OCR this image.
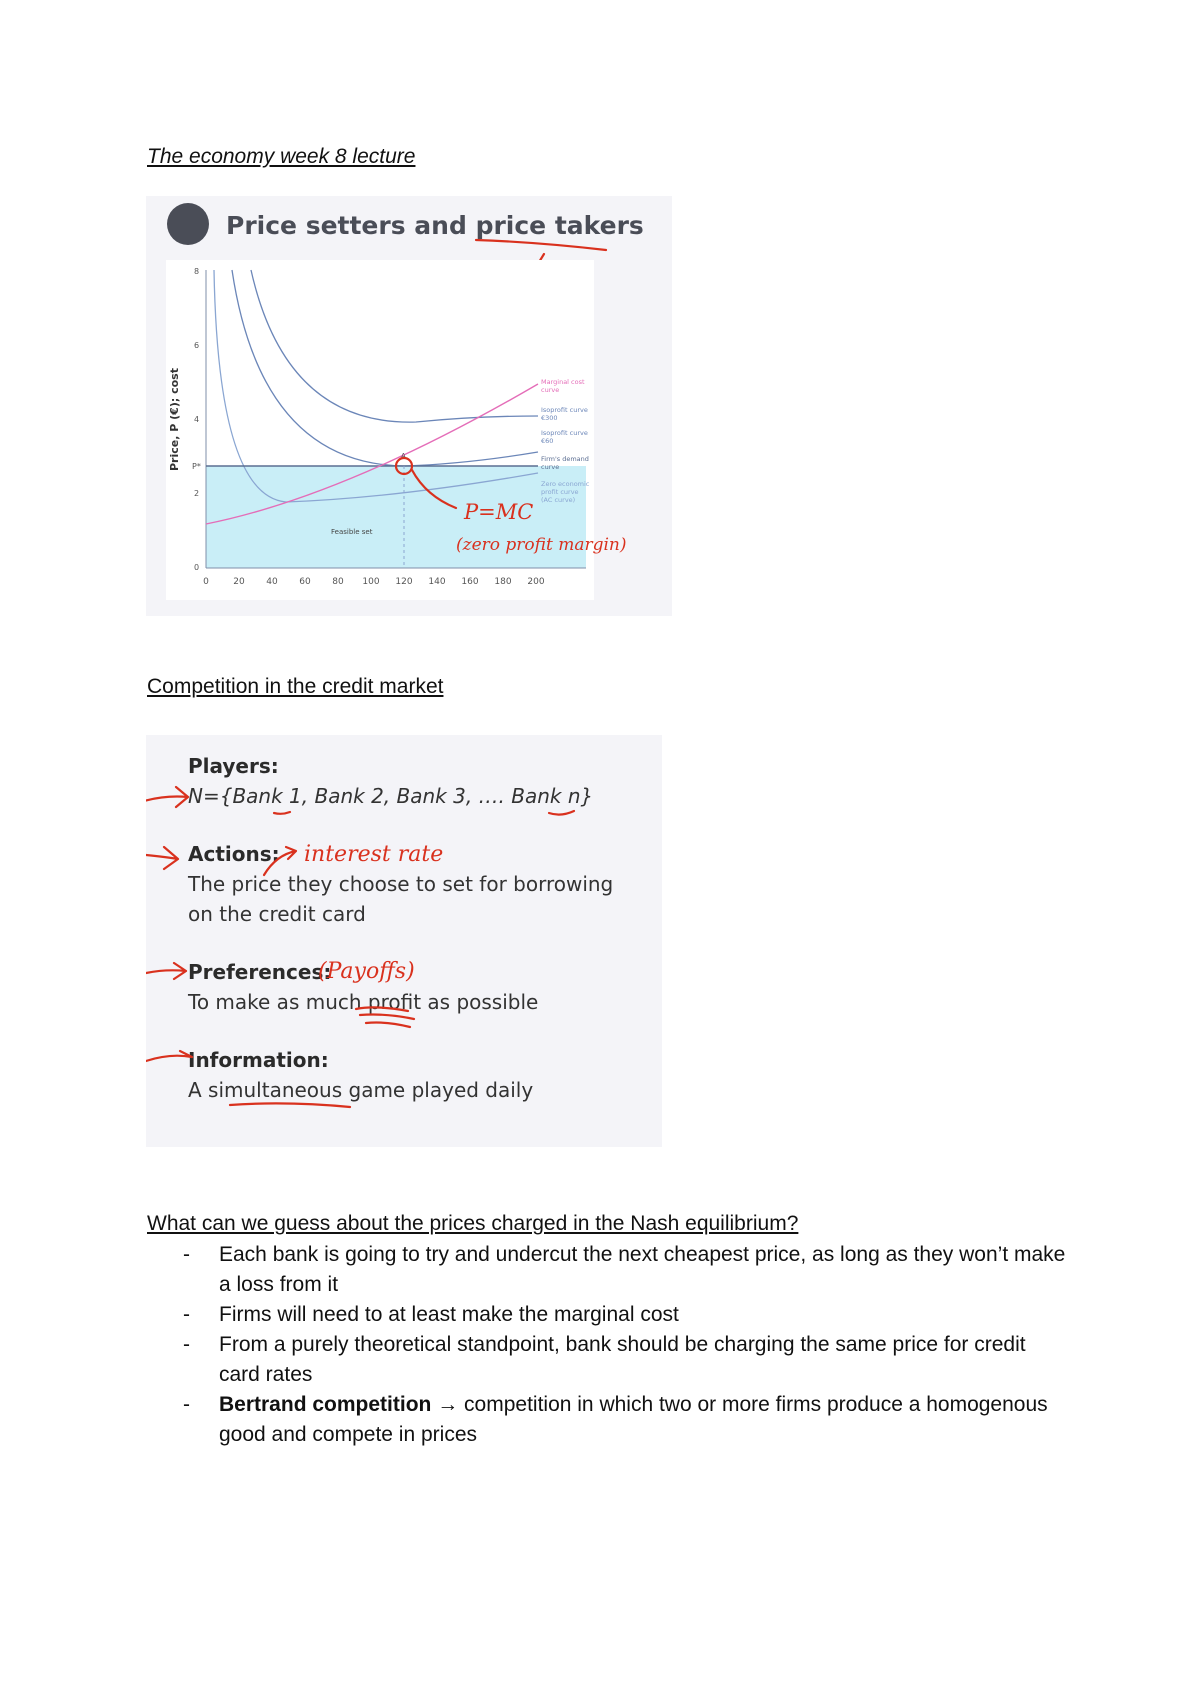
The economy week 8 lecture
Price setters and price takers
8
6
4
P*
2
0
Price, P (€); cost
0	20 40 60 80 100 120 140 160 180 200
A
Feasible set
Marginal cost
curve
Isoprofit curve
€300
Isoprofit curve
€60
Firm's demand
curve
Zero economic
profit curve
(AC curve)
P=MC
(zero profit margin)
Competition in the credit market
Players:
N={Bank 1, Bank 2, Bank 3, …. Bank n}
Actions:
The price they choose to set for borrowing
on the credit card
Preferences:
To make as much profit as possible
Information:
A simultaneous game played daily
interest rate
(Payoffs)
What can we guess about the prices charged in the Nash equilibrium?
- Each bank is going to try and undercut the next cheapest price, as long as they won’t make a loss from it
- Firms will need to at least make the marginal cost
- From a purely theoretical standpoint, bank should be charging the same price for credit card rates
- Bertrand competition → competition in which two or more firms produce a homogenous good and compete in prices
